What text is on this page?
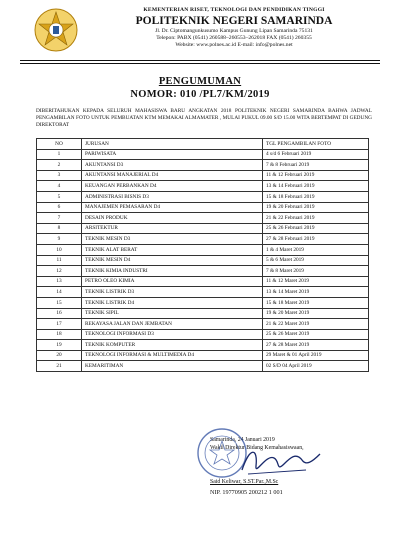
KEMENTERIAN RISET, TEKNOLOGI DAN PENDIDIKAN TINGGI
POLITEKNIK NEGERI SAMARINDA
Jl. Dr. Ciptomangunkusumo Kampus Gunung Lipan Samarinda 75131
Telepon: PABX (0541) 260588–260553–262018 FAX (0541) 260355
Website: www.polnes.ac.id E-mail: info@polnes.net
PENGUMUMAN
NOMOR: 010 /PL7/KM/2019
DIBERITAHUKAN KEPADA SELURUH MAHASISWA BARU ANGKATAN 2018 POLITEKNIK NEGERI SAMARINDA BAHWA JADWAL PENGAMBILAN FOTO UNTUK PEMBUATAN KTM MEMAKAI ALMAMATER , MULAI PUKUL 09.00 S/D 15.00 WITA BERTEMPAT DI GEDUNG DIREKTORAT
NO	JURUSAN	TGL PENGAMBILAN FOTO
1	PARIWISATA	4 s/d 6 Februari 2019
2	AKUNTANSI D3	7 & 8 Februari 2019
3	AKUNTANSI MANAJERIAL D4	11 & 12 Februari 2019
4	KEUANGAN PERBANKAN D4	13 & 14 Februari 2019
5	ADMINISTRASI BISNIS D3	15 & 18 Februari 2019
6	MANAJEMEN PEMASARAN D4	19 & 20 Februari 2019
7	DESAIN PRODUK	21 & 22 Februari 2019
8	ARSITEKTUR	25 & 26 Februari 2019
9	TEKNIK MESIN D3	27 & 28 Februari 2019
10	TEKNIK ALAT BERAT	1 & 4 Maret 2019
11	TEKNIK MESIN D4	5 & 6 Maret 2019
12	TEKNIK KIMIA INDUSTRI	7 & 8 Maret 2019
13	PETRO OLEO KIMIA	11 & 12 Maret 2019
14	TEKNIK LISTRIK D3	13 & 14 Maret 2019
15	TEKNIK LISTRIK D4	15 & 18 Maret 2019
16	TEKNIK SIPIL	19 & 20 Maret 2019
17	REKAYASA JALAN DAN JEMBATAN	21 & 22 Maret 2019
18	TEKNOLOGI INFORMASI D3	25 & 26 Maret 2019
19	TEKNIK KOMPUTER	27 & 28 Maret 2019
20	TEKNOLOGI INFORMASI & MULTIMEDIA D4	29 Maret & 01 April 2019
21	KEMARITIMAN	02 S/D 04 April 2019
Samarinda, 24 Januari 2019
Wakil Direktur Bidang Kemahasiswaan,
Said Keliwar, S.ST.Par.,M.Sc
NIP. 19770905 200212 1 001
